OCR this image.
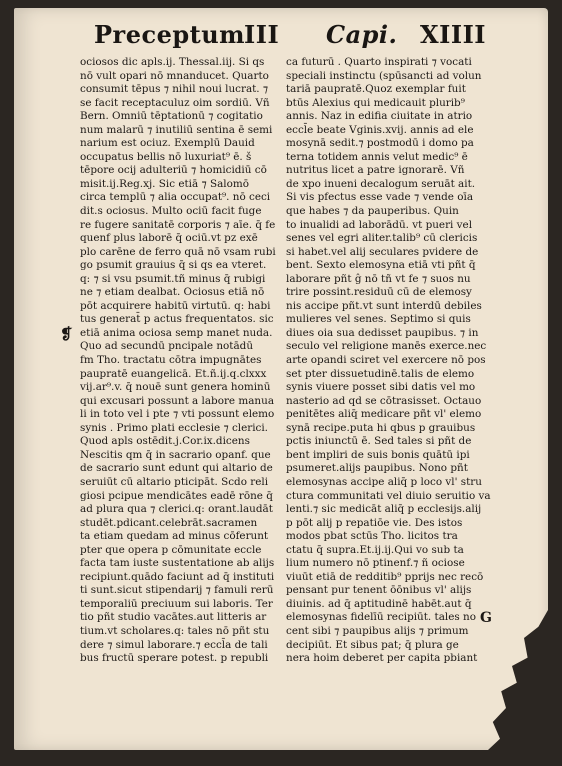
Preceptum
III Capi. XIIII
❡
ociosos dic apls.ij. Thessal.iij. Si qs
nō vult opari nō mnanducet. Quarto
consumit tēpus ⁊ nihil noui lucrat. ⁊
se facit receptaculuz oim sordiū. Vñ
Bern. Omniū tēptationū ⁊ cogitatio
num malarū ⁊ inutiliū sentina ē semi
narium est ociuz. Exemplū Dauid
occupatus bellis nō luxuriat⁹ ē. š
tēpore ocij adulteriū ⁊ homicidiū cō
misit.ij.Reg.xj. Sic etiā ⁊ Salomō
circa templū ⁊ alia occupat⁹. nō ceci
dit.s ociosus. Multo ociū facit fuge
re fugere sanitatē corporis ⁊ aīe. q̄ fe
quenf plus laborē q̄ ociū.vt pz exē
plo carēne de ferro quā nō vsam rubi
go psumit grauius q̄ si qs ea vteret.
q: ⁊ si vsu psumit.tñ minus q̄ rubigi
ne ⁊ etiam dealbat. Ociosus etiā nō
pōt acquirere habitū virtutū. q: habi
tus generat̄ p actus frequentatos. sic
etiā anima ociosa semp manet nuda.
Quo ad secundū pncipale notādū
fm Tho. tractatu cōtra impugnātes
paupratē euangelicā. Et.ñ.ij.q.clxxx
vij.ar⁹.v. q̄ nouē sunt genera hominū
qui excusari possunt a labore manua
li in toto vel i pte ⁊ vti possunt elemo
synis . Primo plati ecclesie ⁊ clerici.
Quod apls ostēdit.j.Cor.ix.dicens
Nescitis qm q̄ in sacrario opanf. que
de sacrario sunt edunt qui altario de
seruiūt cū altario pticipāt. Scdo reli
giosi pcipue mendicātes eadē rōne q̄
ad plura qua ⁊ clerici.q: orant.laudāt
studēt.pdicant.celebrāt.sacramen
ta etiam quedam ad minus cōferunt
pter que opera p cōmunitate eccle
facta tam iuste sustentatione ab alijs
recipiunt.quādo faciunt ad q̄ instituti
ti sunt.sicut stipendarij ⁊ famuli rerū
temporaliū preciuum sui laboris. Ter
tio pñt studio vacātes.aut litteris ar
tium.vt scholares.q: tales nō pñt stu
dere ⁊ simul laborare.⁊ eccl̄a de tali
bus fructū sperare potest. p republi
ca futurū . Quarto inspirati ⁊ vocati
speciali instinctu (spūsancti ad volun
tariā paupratē.Quoz exemplar fuit
btūs Alexius qui medicauit plurib⁹
annis. Naz in edifia ciuitate in atrio
eccl̄e beate Vginis.xvij. annis ad ele
mosynā sedit.⁊ postmodū i domo pa
terna totidem annis velut medic⁹ ē
nutritus licet a patre ignorarē. Vñ
de xpo inueni decalogum seruāt ait.
Si vis pfectus esse vade ⁊ vende oīa
que habes ⁊ da pauperibus. Quin
to inualidi ad laborādū. vt pueri vel
senes vel egri aliter.talib⁹ cū clericis
si habet.vel alij seculares pvidere de
bent. Sexto elemosyna etiā vti pñt q̄
laborare pñt ĝ nō tñ vt fe ⁊ suos nu
trire possint.residuū cū de elemosy
nis accipe pñt.vt sunt interdū debiles
mulieres vel senes. Septimo si quis
diues oia sua dedisset paupibus. ⁊ in
seculo vel religione manēs exerce.nec
arte opandi sciret vel exercere nō pos
set pter dissuetudinē.talis de elemo
synis viuere posset sibi datis vel mo
nasterio ad qd se cōtrasisset. Octauo
penitētes aliq̄ medicare pñt vl' elemo
synā recipe.puta hi qbus p grauibus
pctis iniunctū ē. Sed tales si pñt de
bent impliri de suis bonis quātū ipi
psumeret.alijs paupibus. Nono pñt
elemosynas accipe aliq̄ p loco vl' stru
ctura communitati vel diuio seruitio va
lenti.⁊ sic medicāt aliq̄ p ecclesijs.alij
p pōt alij p repatiōe vie. Des istos
modos pbat sctūs Tho. licitos tra
ctatu q̄ supra.Et.ij.ij.Qui vo sub ta
lium numero nō ptinenf.⁊ ñ ociose
viuūt etiā de redditib⁹ pprijs nec recō
pensant pur tenent ōōnibus vl' alijs
diuinis. ad q̄ aptitudinē habēt.aut q̄
elemosynas fidelīū recipiūt. tales no
cent sibi ⁊ paupibus alijs ⁊ primum
decipiūt. Et sibus pat; q̄ plura ge
nera hoim deberet per capita pbiant
G
